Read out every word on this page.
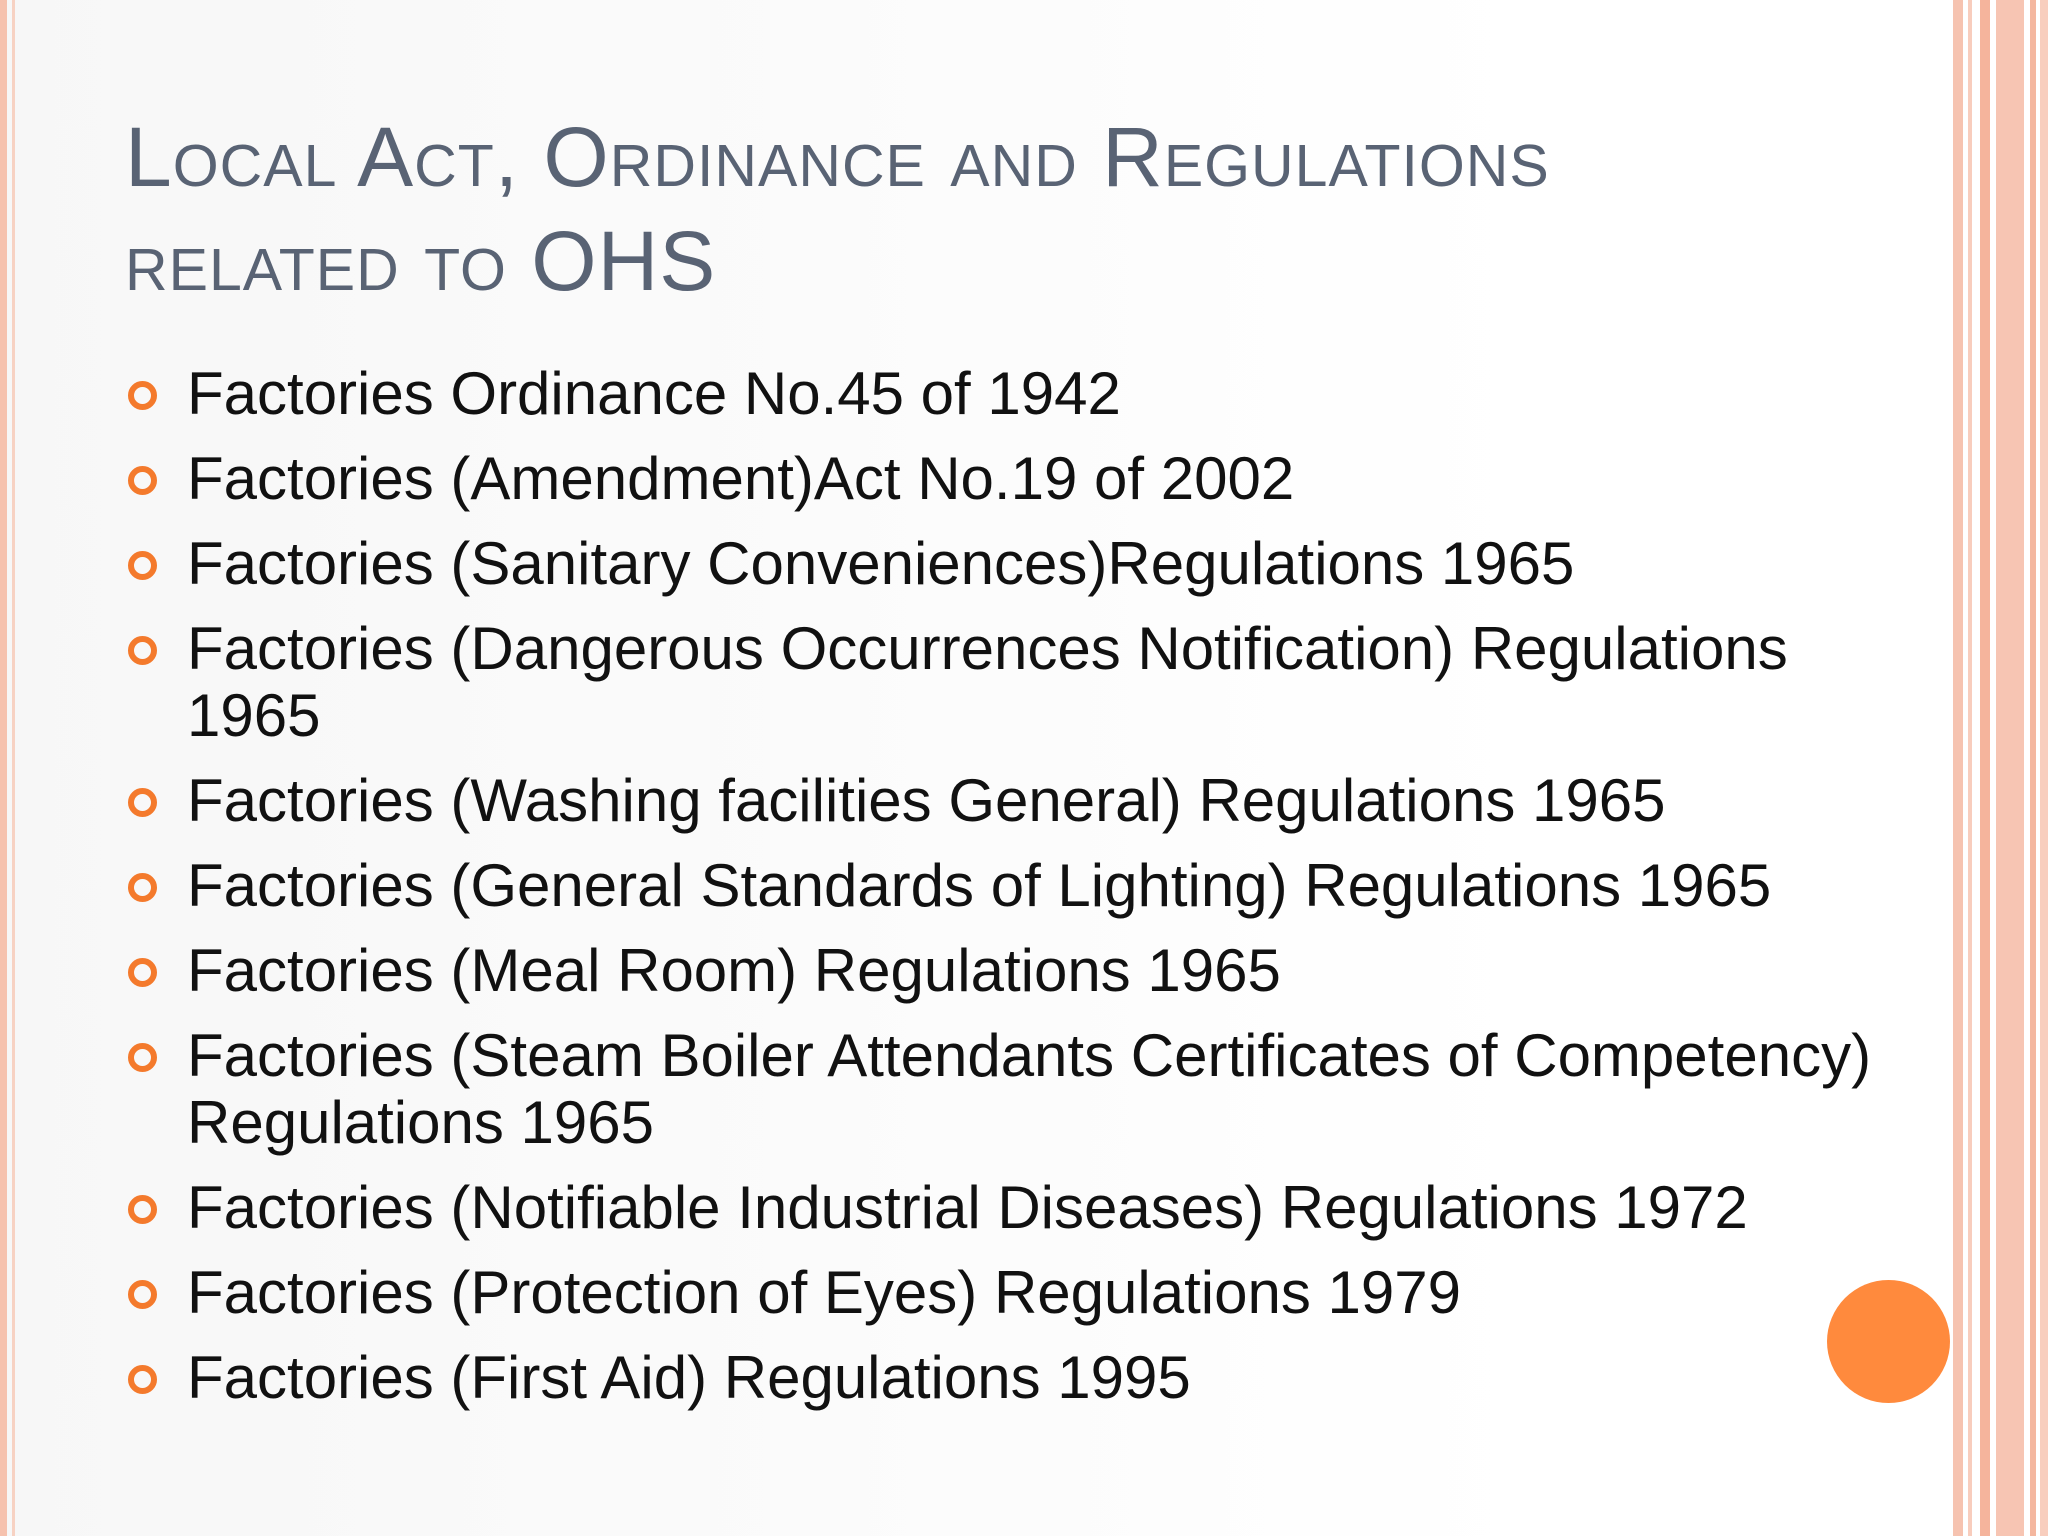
Local Act, Ordinance and Regulations
related to OHS
Factories Ordinance No.45 of 1942
Factories (Amendment)Act No.19 of 2002
Factories (Sanitary Conveniences)Regulations 1965
Factories (Dangerous Occurrences Notification) Regulations 1965
Factories (Washing facilities General) Regulations 1965
Factories (General Standards of Lighting) Regulations 1965
Factories (Meal Room) Regulations 1965
Factories (Steam Boiler Attendants Certificates of Competency) Regulations 1965
Factories (Notifiable Industrial Diseases) Regulations 1972
Factories (Protection of Eyes) Regulations 1979
Factories (First Aid) Regulations 1995
